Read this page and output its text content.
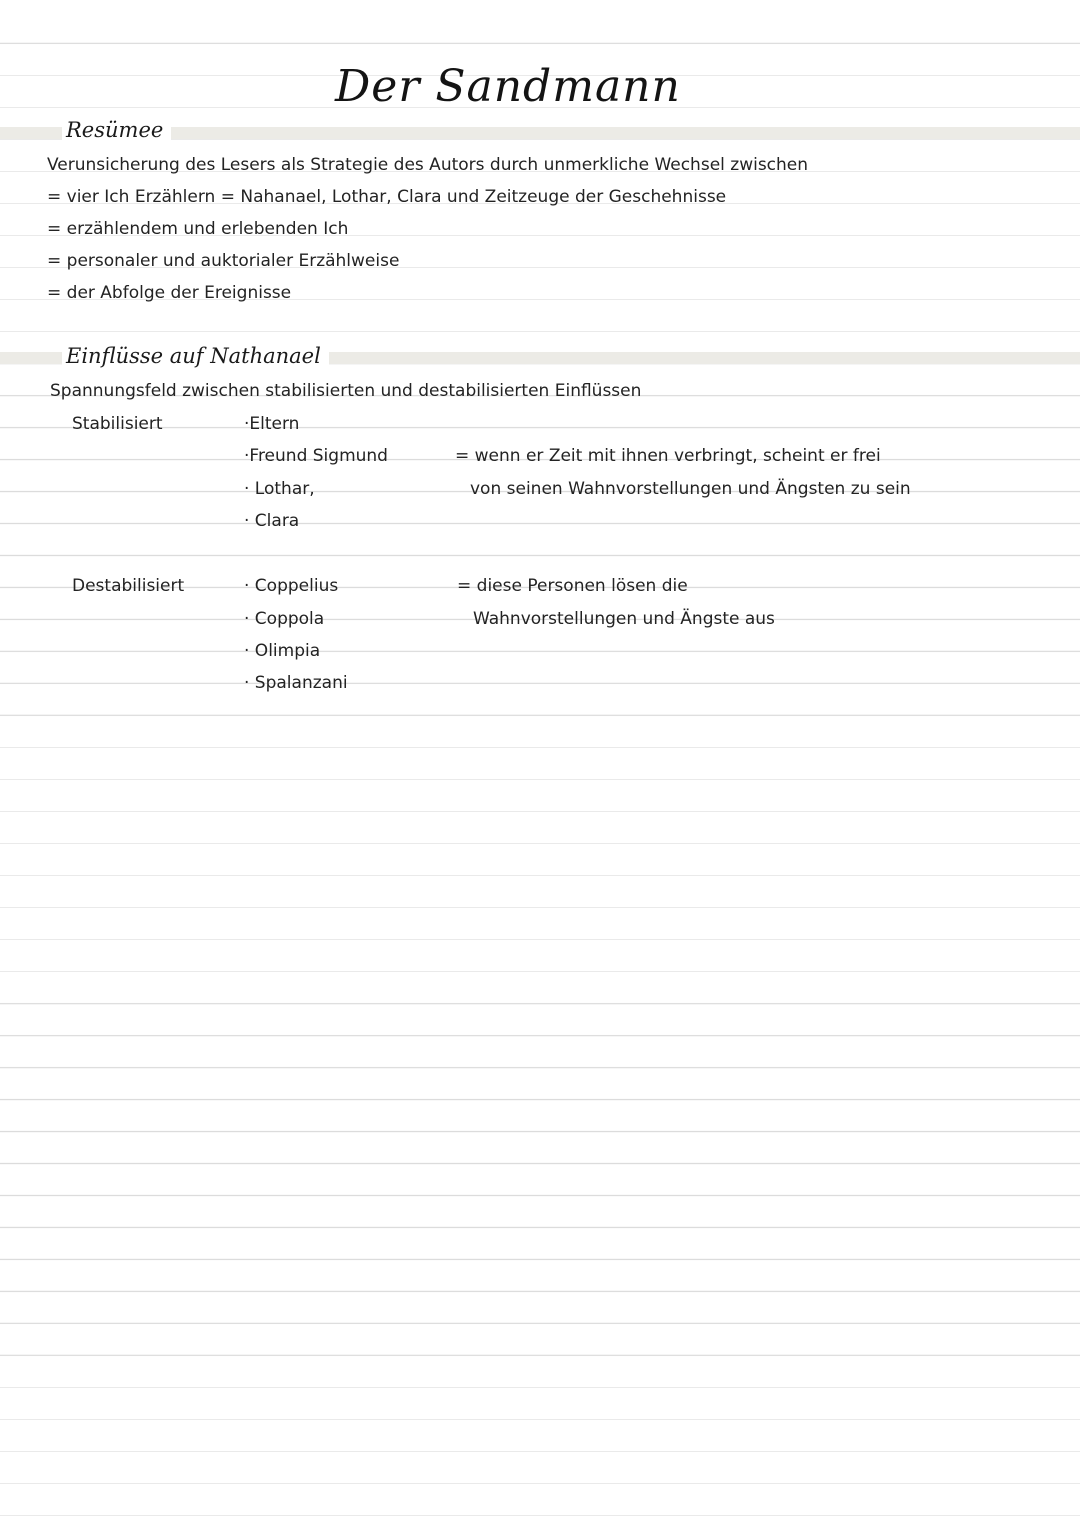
Der Sandmann
Resümee
Verunsicherung des Lesers als Strategie des Autors durch unmerkliche Wechsel zwischen
= vier Ich Erzählern = Nahanael, Lothar, Clara und Zeitzeuge der Geschehnisse
= erzählendem und erlebenden Ich
= personaler und auktorialer Erzählweise
= der Abfolge der Ereignisse
Einflüsse auf Nathanael
Spannungsfeld zwischen stabilisierten und destabilisierten Einflüssen
Stabilisiert	·Eltern
·Freund Sigmund
· Lothar,
· Clara
= wenn er Zeit mit ihnen verbringt, scheint er frei
von seinen Wahnvorstellungen und Ängsten zu sein
Destabilisiert	· Coppelius
· Coppola
· Olimpia
· Spalanzani
= diese Personen lösen die
Wahnvorstellungen und Ängste aus
